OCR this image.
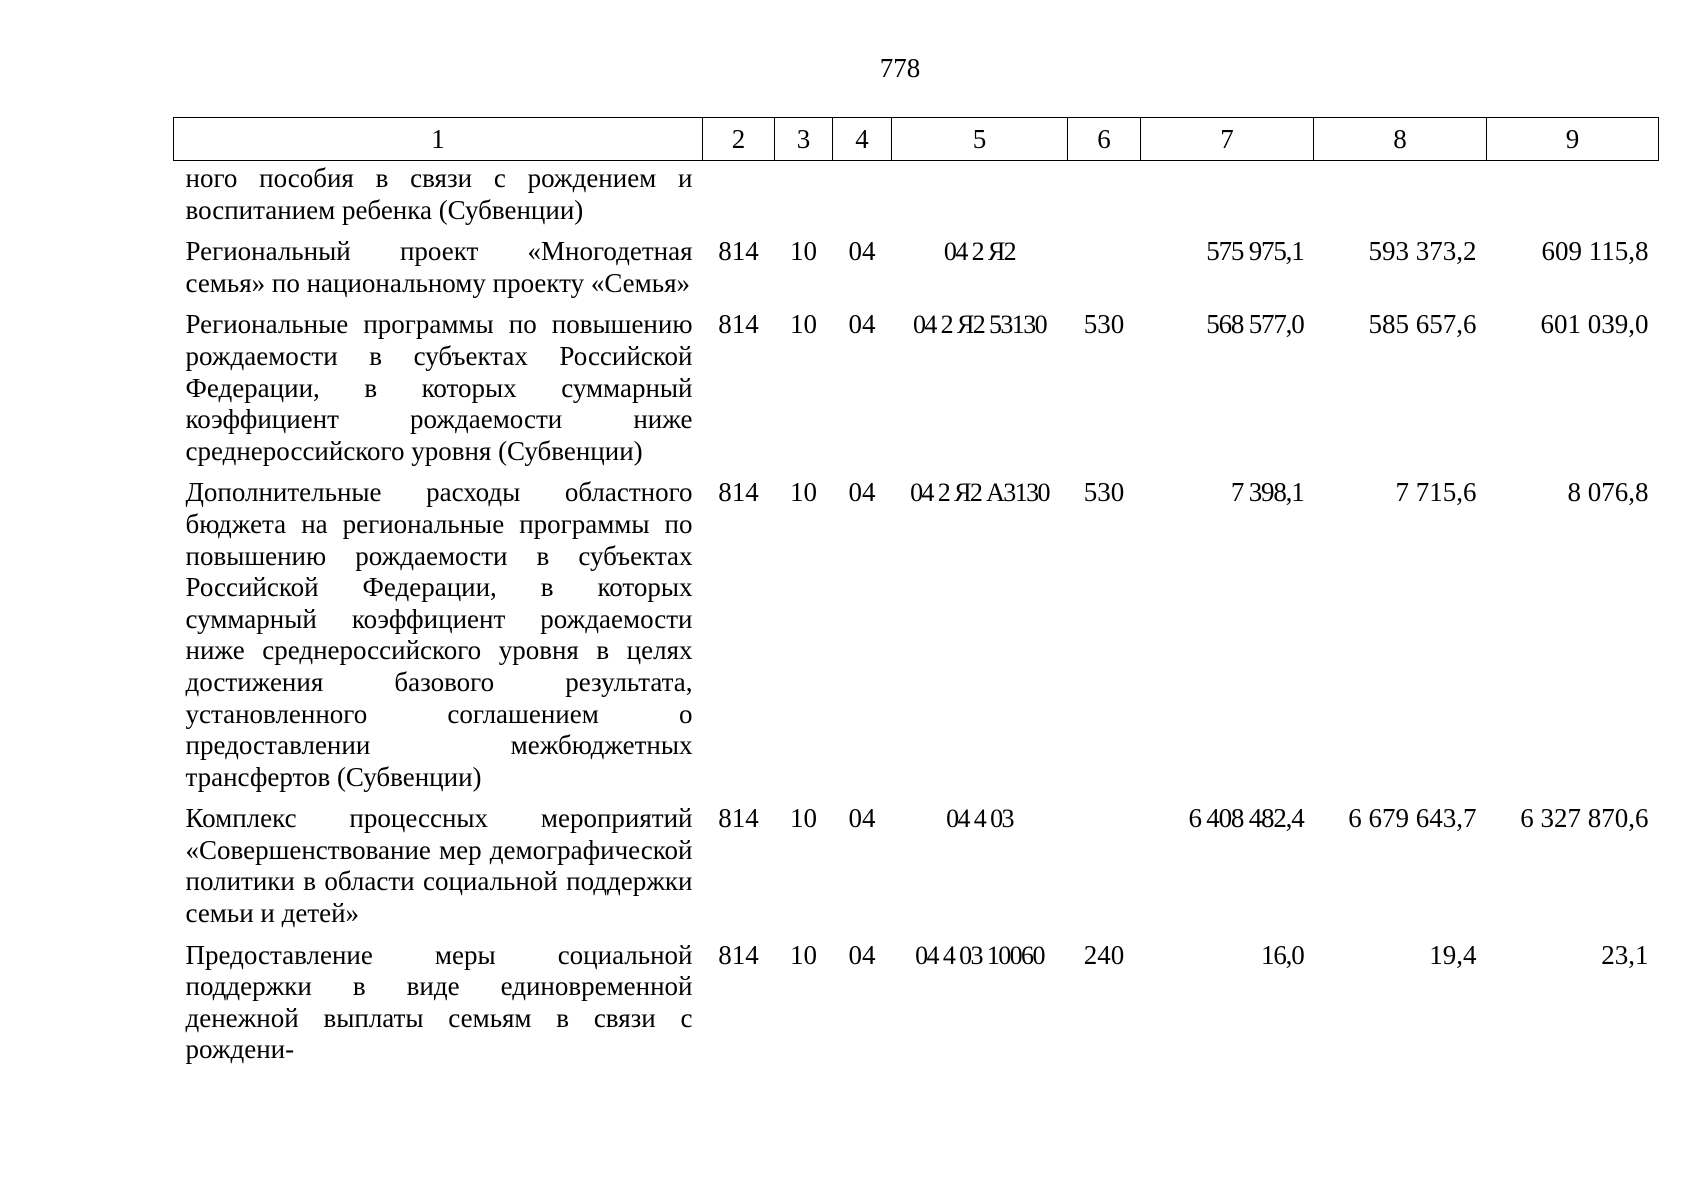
778
1	2	3	4	5	6	7	8	9
ного пособия в связи с рождением и воспитанием ребенка (Субвенции)								
Региональный проект «Многодетная семья» по национальному проекту «Семья»	814	10	04	04 2 Я2		575 975,1	593 373,2	609 115,8
Региональные программы по повышению рождаемости в субъектах Российской Федерации, в которых суммарный коэффициент рождаемости ниже среднероссийского уровня (Субвенции)	814	10	04	04 2 Я2 53130	530	568 577,0	585 657,6	601 039,0
Дополнительные расходы областного бюджета на региональные программы по повышению рождаемости в субъектах Российской Федерации, в которых суммарный коэффициент рождаемости ниже среднероссийского уровня в целях достижения базового результата, установленного соглашением о предоставлении межбюджетных трансфертов (Субвенции)	814	10	04	04 2 Я2 А3130	530	7 398,1	7 715,6	8 076,8
Комплекс процессных мероприятий «Совершенствование мер демографической политики в области социальной поддержки семьи и детей»	814	10	04	04 4 03		6 408 482,4	6 679 643,7	6 327 870,6
Предоставление меры социальной поддержки в виде единовременной денежной выплаты семьям в связи с рождени-	814	10	04	04 4 03 10060	240	16,0	19,4	23,1
